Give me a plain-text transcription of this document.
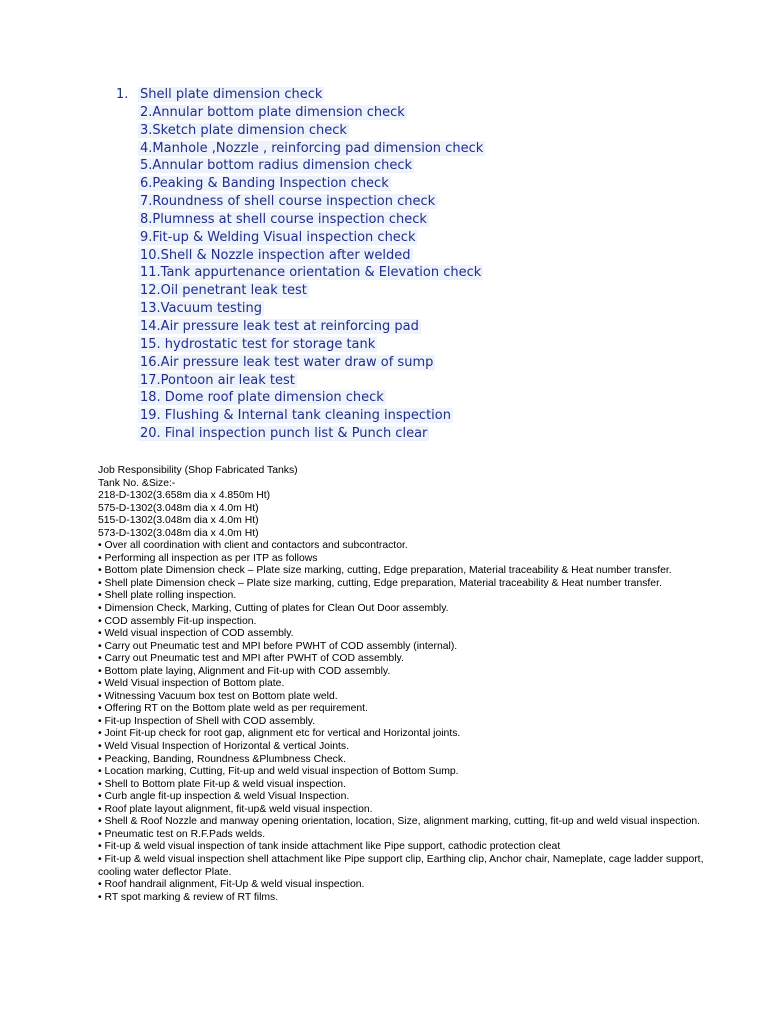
1. Shell plate dimension check
2.Annular bottom plate dimension check
3.Sketch plate dimension check
4.Manhole ,Nozzle , reinforcing pad dimension check
5.Annular bottom radius dimension check
6.Peaking & Banding Inspection check
7.Roundness of shell course inspection check
8.Plumness at shell course inspection check
9.Fit-up & Welding Visual inspection check
10.Shell & Nozzle inspection after welded
11.Tank appurtenance orientation & Elevation check
12.Oil penetrant leak test
13.Vacuum testing
14.Air pressure leak test at reinforcing pad
15. hydrostatic test for storage tank
16.Air pressure leak test water draw of sump
17.Pontoon air leak test
18. Dome roof plate dimension check
19. Flushing & Internal tank cleaning inspection
20. Final inspection punch list & Punch clear
Job Responsibility (Shop Fabricated Tanks)
Tank No. &Size:-
218-D-1302(3.658m dia x 4.850m Ht)
575-D-1302(3.048m dia x 4.0m Ht)
515-D-1302(3.048m dia x 4.0m Ht)
573-D-1302(3.048m dia x 4.0m Ht)
• Over all coordination with client and contactors and subcontractor.
• Performing all inspection as per ITP as follows
• Bottom plate Dimension check – Plate size marking, cutting, Edge preparation, Material traceability & Heat number transfer.
• Shell plate Dimension check – Plate size marking, cutting, Edge preparation, Material traceability & Heat number transfer.
• Shell plate rolling inspection.
• Dimension Check, Marking, Cutting of plates for Clean Out Door assembly.
• COD assembly Fit-up inspection.
• Weld visual inspection of COD assembly.
• Carry out Pneumatic test and MPI before PWHT of COD assembly (internal).
• Carry out Pneumatic test and MPI after PWHT of COD assembly.
• Bottom plate laying, Alignment and Fit-up with COD assembly.
• Weld Visual inspection of Bottom plate.
• Witnessing Vacuum box test on Bottom plate weld.
• Offering RT on the Bottom plate weld as per requirement.
• Fit-up Inspection of Shell with COD assembly.
• Joint Fit-up check for root gap, alignment etc for vertical and Horizontal joints.
• Weld Visual Inspection of Horizontal & vertical Joints.
• Peacking, Banding, Roundness &Plumbness Check.
• Location marking, Cutting, Fit-up and weld visual inspection of Bottom Sump.
• Shell to Bottom plate Fit-up & weld visual inspection.
• Curb angle fit-up inspection & weld Visual Inspection.
• Roof plate layout alignment, fit-up& weld visual inspection.
• Shell & Roof Nozzle and manway opening orientation, location, Size, alignment marking, cutting, fit-up and weld visual inspection.
• Pneumatic test on R.F.Pads welds.
• Fit-up & weld visual inspection of tank inside attachment like Pipe support, cathodic protection cleat
• Fit-up & weld visual inspection shell attachment like Pipe support clip, Earthing clip, Anchor chair, Nameplate, cage ladder support,
cooling water deflector Plate.
• Roof handrail alignment, Fit-Up & weld visual inspection.
• RT spot marking & review of RT films.
